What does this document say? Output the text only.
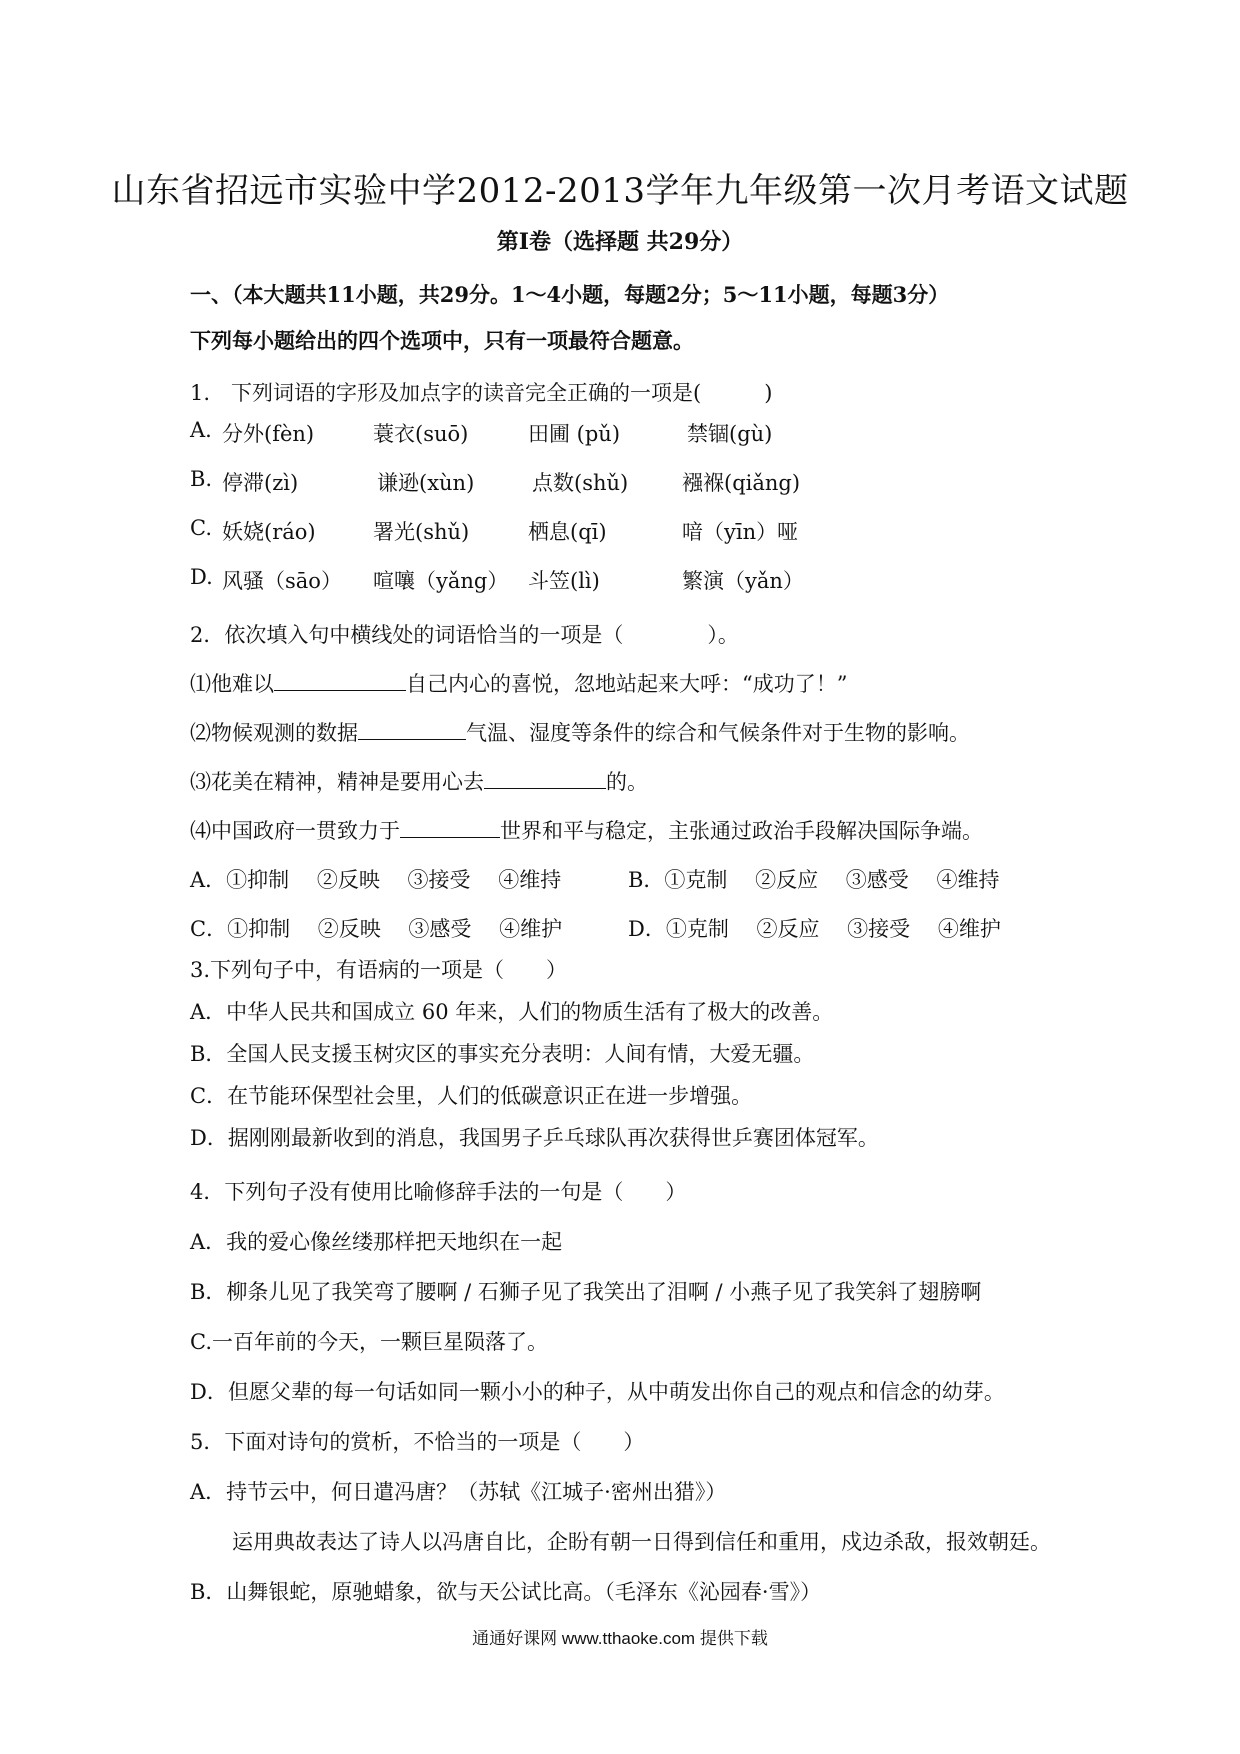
山东省招远市实验中学2012-2013学年九年级第一次月考语文试题
第Ⅰ卷（选择题 共29分）
一、（本大题共11小题，共29分。1～4小题，每题2分；5～11小题，每题3分）
下列每小题给出的四个选项中，只有一项最符合题意。
1.　下列词语的字形及加点字的读音完全正确的一项是(　　　)
A. 分外(fèn)	蓑衣(suō)	田圃 (pǔ)	禁锢(gù)
B. 停滞(zì)	谦逊(xùn)	点数(shǔ)	襁褓(qiǎng)
C. 妖娆(ráo)	署光(shǔ)	栖息(qī)	喑（yīn）哑
D. 风骚（sāo） 喧嚷（yǎng） 斗笠(lì)	繁演（yǎn）
2．依次填入句中横线处的词语恰当的一项是（　　　　）。
⑴他难以	自己内心的喜悦，忽地站起来大呼：“成功了！”
⑵物候观测的数据	气温、湿度等条件的综合和气候条件对于生物的影响。
⑶花美在精神，精神是要用心去	的。
⑷中国政府一贯致力于	世界和平与稳定，主张通过政治手段解决国际争端。
A．①抑制　 ②反映　 ③接受　 ④维持	B．①克制　 ②反应　 ③感受　 ④维持
C．①抑制　 ②反映　 ③感受　 ④维护	D．①克制　 ②反应　 ③接受　 ④维护
3.下列句子中，有语病的一项是（　　）
A．中华人民共和国成立 60 年来，人们的物质生活有了极大的改善。
B．全国人民支援玉树灾区的事实充分表明：人间有情，大爱无疆。
C．在节能环保型社会里，人们的低碳意识正在进一步增强。
D．据刚刚最新收到的消息，我国男子乒乓球队再次获得世乒赛团体冠军。
4．下列句子没有使用比喻修辞手法的一句是（　　）
A．我的爱心像丝缕那样把天地织在一起
B．柳条儿见了我笑弯了腰啊 / 石狮子见了我笑出了泪啊 / 小燕子见了我笑斜了翅膀啊
C.一百年前的今天，一颗巨星陨落了。
D．但愿父辈的每一句话如同一颗小小的种子，从中萌发出你自己的观点和信念的幼芽。
5．下面对诗句的赏析，不恰当的一项是（　　）
A．持节云中，何日遣冯唐？（苏轼《江城子·密州出猎》）
运用典故表达了诗人以冯唐自比，企盼有朝一日得到信任和重用，戍边杀敌，报效朝廷。
B．山舞银蛇，原驰蜡象，欲与天公试比高。（毛泽东《沁园春·雪》）
通通好课网 www.tthaoke.com 提供下载
